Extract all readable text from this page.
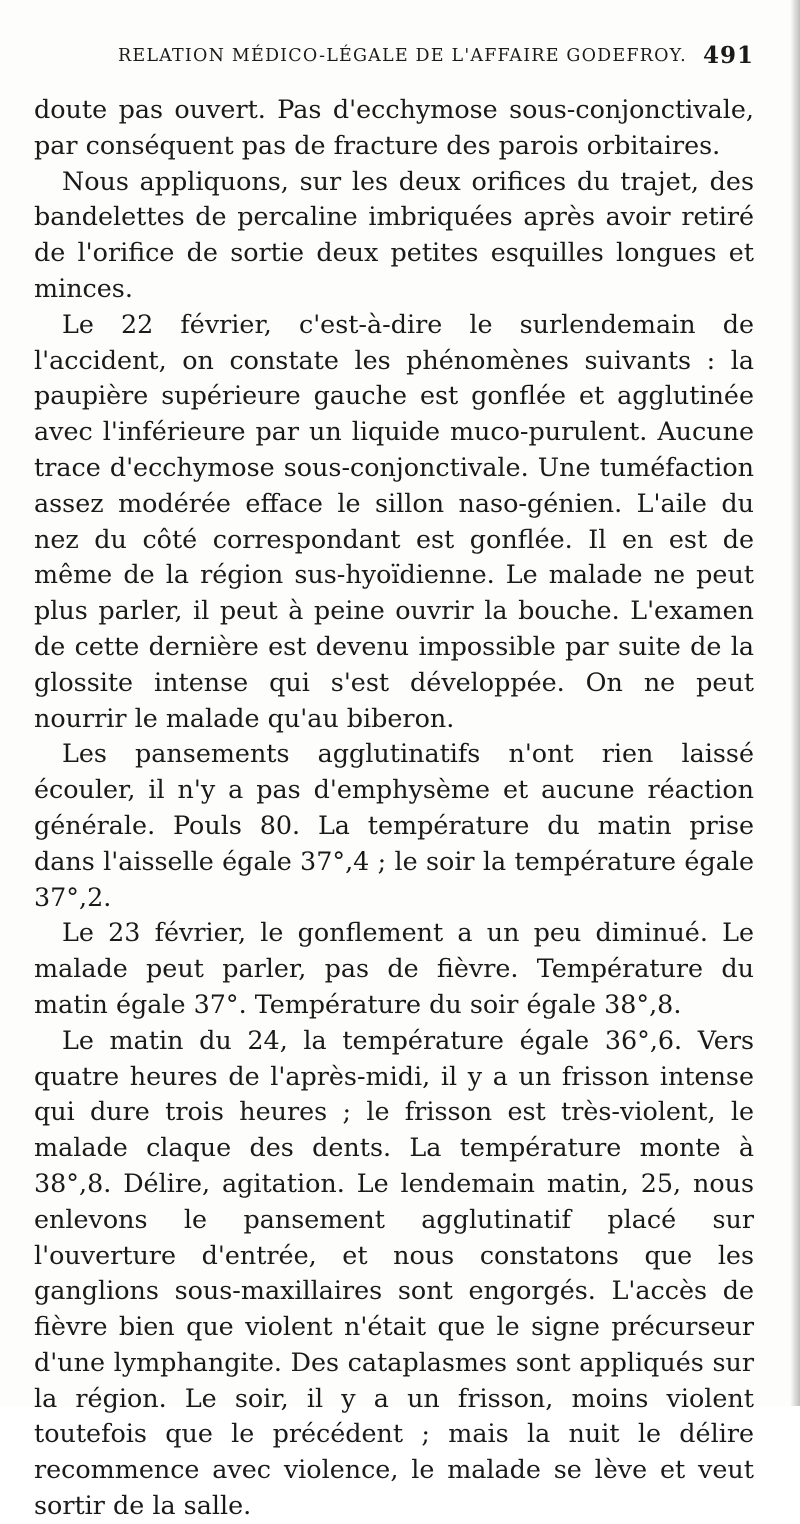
RELATION MÉDICO-LÉGALE DE L'AFFAIRE GODEFROY. 491

doute pas ouvert. Pas d'ecchymose sous-conjonctivale, par conséquent pas de fracture des parois orbitaires.

Nous appliquons, sur les deux orifices du trajet, des bandelettes de percaline imbriquées après avoir retiré de l'orifice de sortie deux petites esquilles longues et minces.

Le 22 février, c'est-à-dire le surlendemain de l'accident, on constate les phénomènes suivants : la paupière supérieure gauche est gonflée et agglutinée avec l'inférieure par un liquide muco-purulent. Aucune trace d'ecchymose sous-conjonctivale. Une tuméfaction assez modérée efface le sillon naso-génien. L'aile du nez du côté correspondant est gonflée. Il en est de même de la région sus-hyoïdienne. Le malade ne peut plus parler, il peut à peine ouvrir la bouche. L'examen de cette dernière est devenu impossible par suite de la glossite intense qui s'est développée. On ne peut nourrir le malade qu'au biberon.

Les pansements agglutinatifs n'ont rien laissé écouler, il n'y a pas d'emphysème et aucune réaction générale. Pouls 80. La température du matin prise dans l'aisselle égale 37°,4 ; le soir la température égale 37°,2.

Le 23 février, le gonflement a un peu diminué. Le malade peut parler, pas de fièvre. Température du matin égale 37°. Température du soir égale 38°,8.

Le matin du 24, la température égale 36°,6. Vers quatre heures de l'après-midi, il y a un frisson intense qui dure trois heures ; le frisson est très-violent, le malade claque des dents. La température monte à 38°,8. Délire, agitation. Le lendemain matin, 25, nous enlevons le pansement agglutinatif placé sur l'ouverture d'entrée, et nous constatons que les ganglions sous-maxillaires sont engorgés. L'accès de fièvre bien que violent n'était que le signe précurseur d'une lymphangite. Des cataplasmes sont appliqués sur la région. Le soir, il y a un frisson, moins violent toutefois que le précédent ; mais la nuit le délire recommence avec violence, le malade se lève et veut sortir de la salle.
